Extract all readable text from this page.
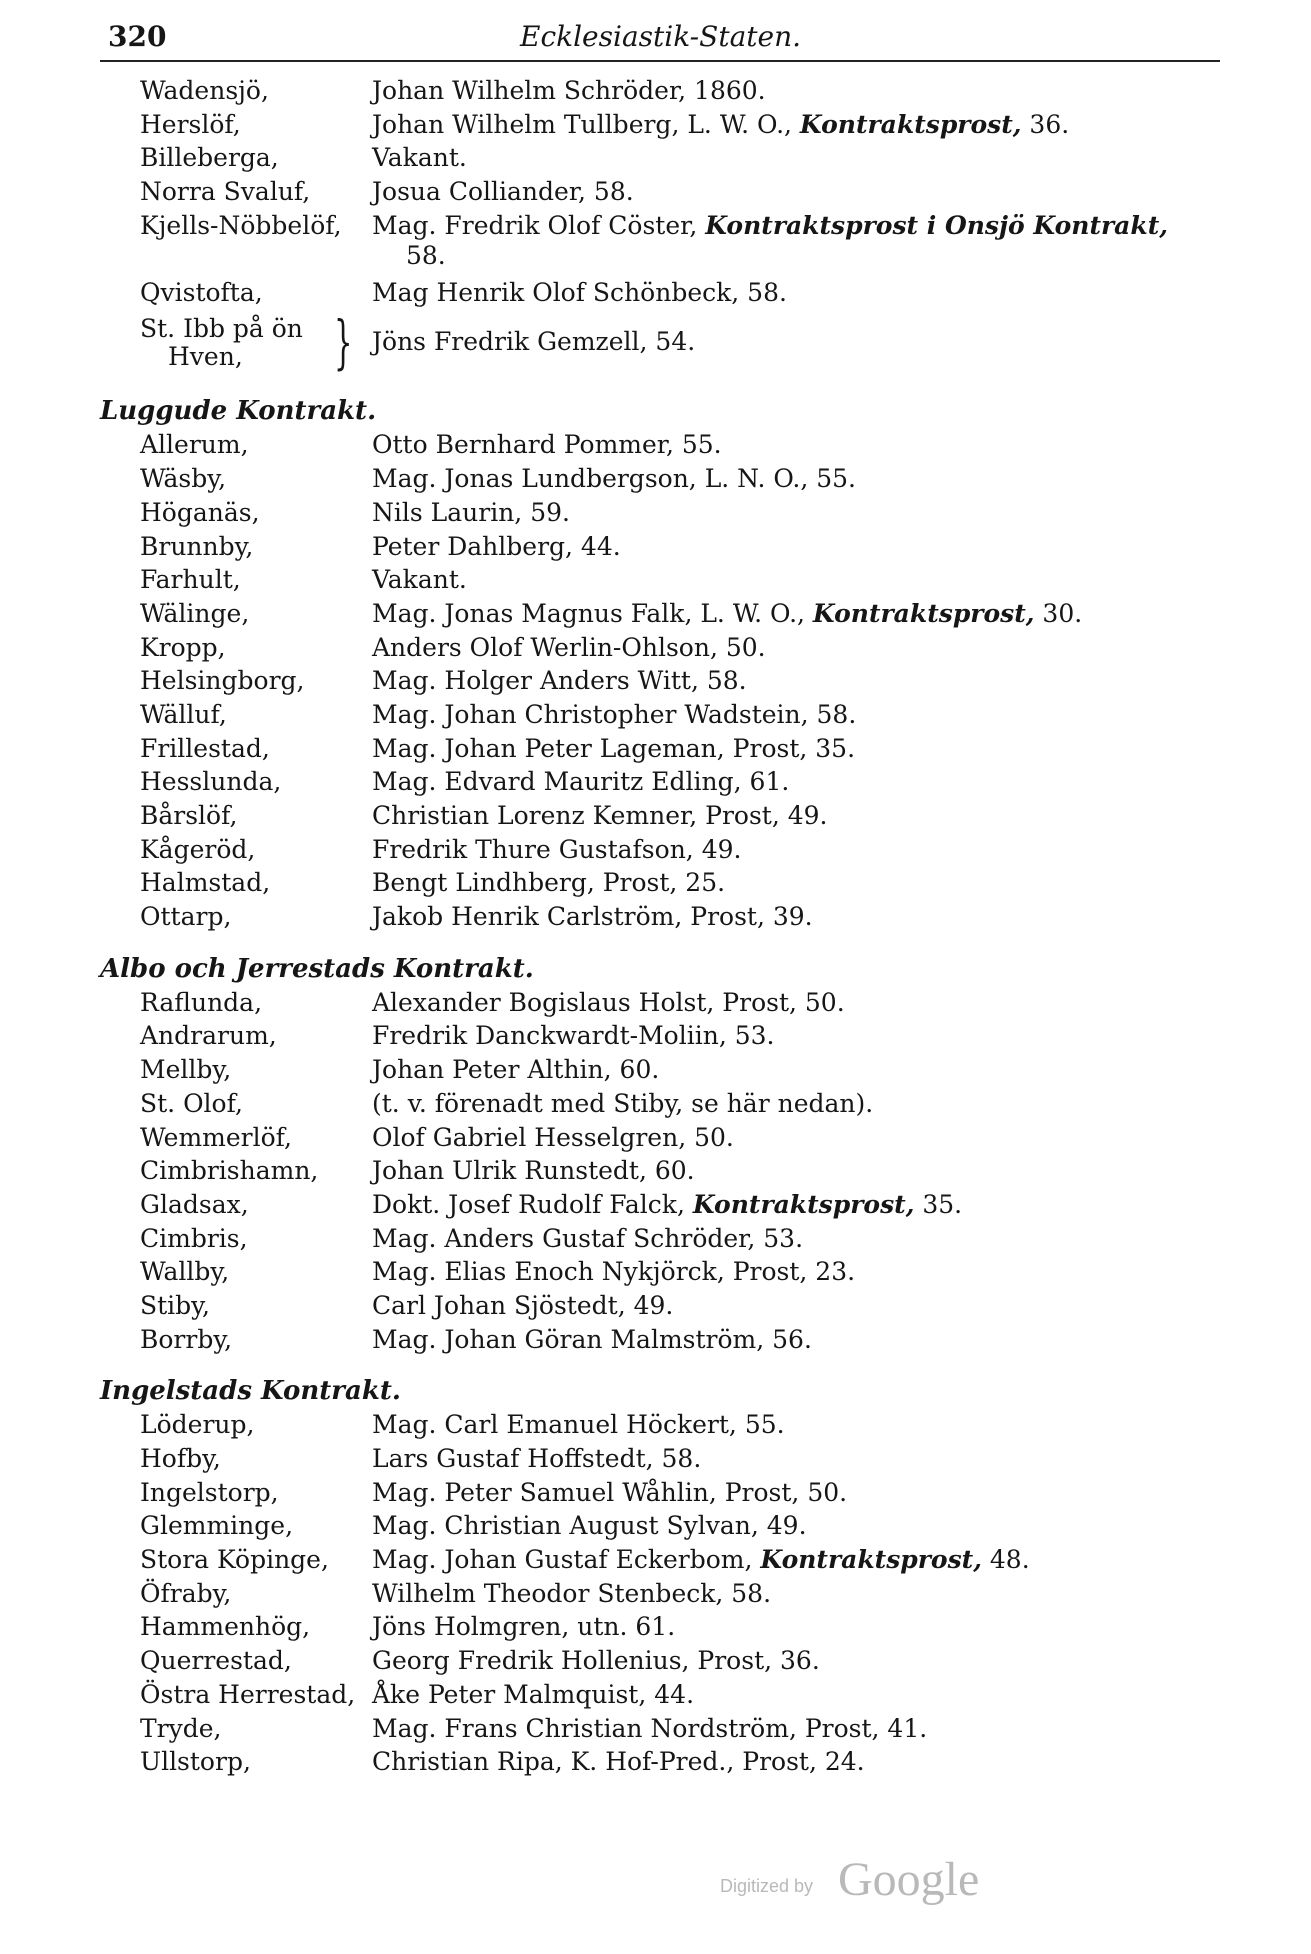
320	Ecklesiastik-Staten.
Wadensjö,	Johan Wilhelm Schröder, 1860.
Herslöf,	Johan Wilhelm Tullberg, L. W. O., Kontraktsprost, 36.
Billeberga,	Vakant.
Norra Svaluf, Josua Colliander, 58.
Kjells-Nöbbelöf, Mag. Fredrik Olof Cöster, Kontraktsprost i Onsjö Kontrakt,
58.
Qvistofta,	Mag Henrik Olof Schönbeck, 58.
St. Ibb på ön
Hven,	} Jöns Fredrik Gemzell, 54.
Luggude Kontrakt.
Allerum,	Otto Bernhard Pommer, 55.
Wäsby,	Mag. Jonas Lundbergson, L. N. O., 55.
Höganäs,	Nils Laurin, 59.
Brunnby,	Peter Dahlberg, 44.
Farhult,	Vakant.
Wälinge,	Mag. Jonas Magnus Falk, L. W. O., Kontraktsprost, 30.
Kropp,	Anders Olof Werlin-Ohlson, 50.
Helsingborg,	Mag. Holger Anders Witt, 58.
Wälluf,	Mag. Johan Christopher Wadstein, 58.
Frillestad,	Mag. Johan Peter Lageman, Prost, 35.
Hesslunda,	Mag. Edvard Mauritz Edling, 61.
Bårslöf,	Christian Lorenz Kemner, Prost, 49.
Kågeröd,	Fredrik Thure Gustafson, 49.
Halmstad,	Bengt Lindhberg, Prost, 25.
Ottarp,	Jakob Henrik Carlström, Prost, 39.
Albo och Jerrestads Kontrakt.
Raflunda,	Alexander Bogislaus Holst, Prost, 50.
Andrarum,	Fredrik Danckwardt-Moliin, 53.
Mellby,	Johan Peter Althin, 60.
St. Olof,	(t. v. förenadt med Stiby, se här nedan).
Wemmerlöf,	Olof Gabriel Hesselgren, 50.
Cimbrishamn, Johan Ulrik Runstedt, 60.
Gladsax,	Dokt. Josef Rudolf Falck, Kontraktsprost, 35.
Cimbris,	Mag. Anders Gustaf Schröder, 53.
Wallby,	Mag. Elias Enoch Nykjörck, Prost, 23.
Stiby,	Carl Johan Sjöstedt, 49.
Borrby,	Mag. Johan Göran Malmström, 56.
Ingelstads Kontrakt.
Löderup,	Mag. Carl Emanuel Höckert, 55.
Hofby,	Lars Gustaf Hoffstedt, 58.
Ingelstorp,	Mag. Peter Samuel Wåhlin, Prost, 50.
Glemminge,	Mag. Christian August Sylvan, 49.
Stora Köpinge, Mag. Johan Gustaf Eckerbom, Kontraktsprost, 48.
Öfraby,	Wilhelm Theodor Stenbeck, 58.
Hammenhög, Jöns Holmgren, utn. 61.
Querrestad,	Georg Fredrik Hollenius, Prost, 36.
Östra Herrestad, Åke Peter Malmquist, 44.
Tryde,	Mag. Frans Christian Nordström, Prost, 41.
Ullstorp,	Christian Ripa, K. Hof-Pred., Prost, 24.
Digitized by Google
